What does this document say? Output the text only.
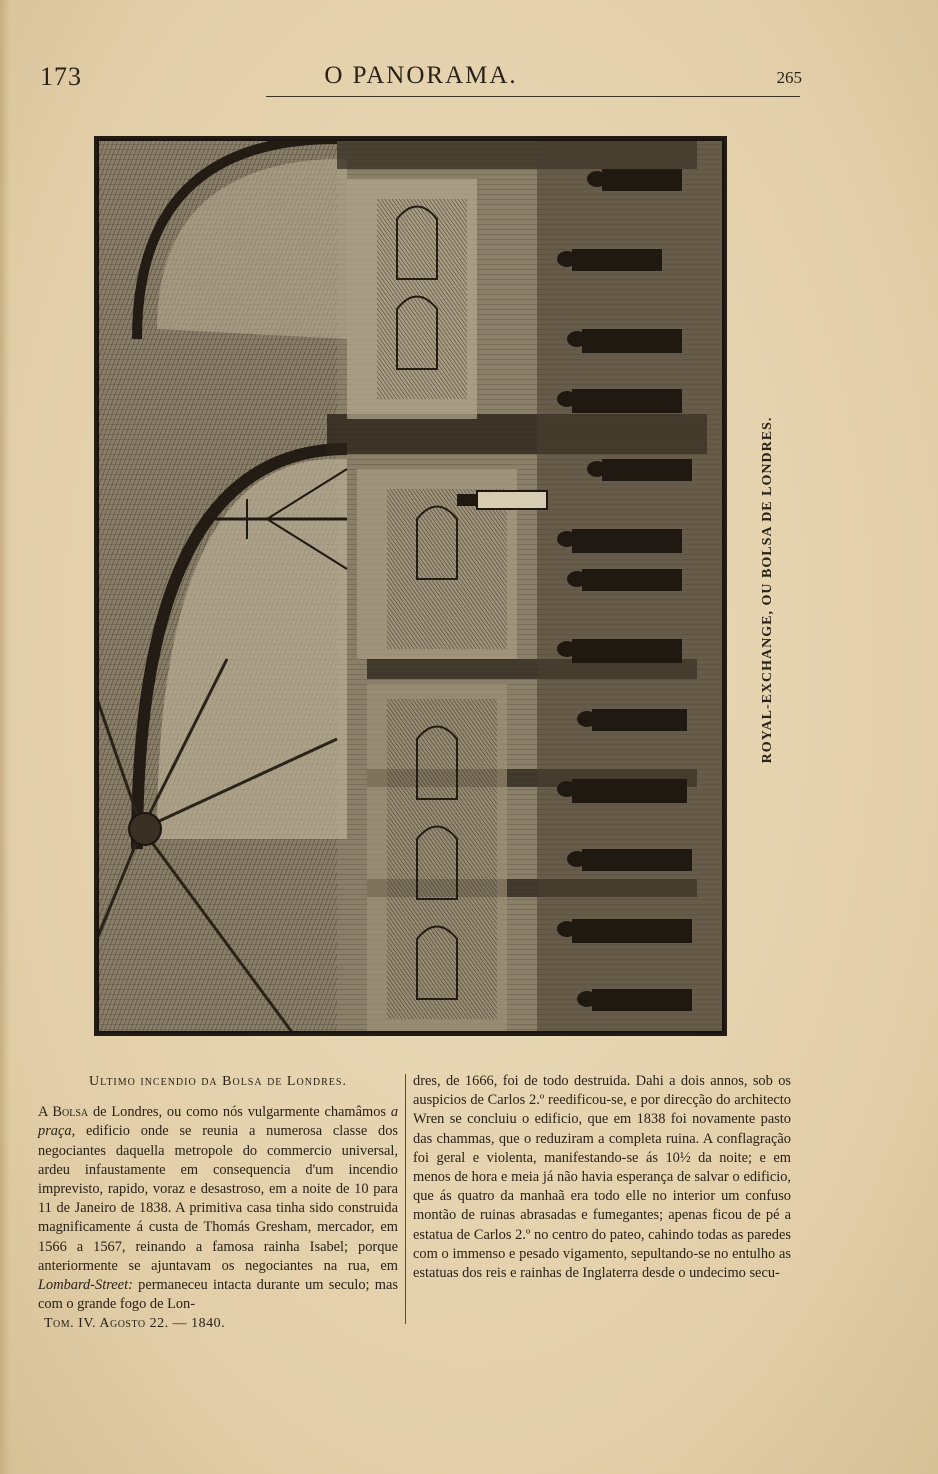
173	O PANORAMA.	265
ROYAL-EXCHANGE, OU BOLSA DE LONDRES.

Ultimo incendio da Bolsa de Londres.

A Bolsa de Londres, ou como nós vulgarmente chamâmos a praça, edificio onde se reunia a numerosa classe dos negociantes daquella metropole do commercio universal, ardeu infaustamente em consequencia d'um incendio imprevisto, rapido, voraz e desastroso, em a noite de 10 para 11 de Janeiro de 1838. A primitiva casa tinha sido construida magnificamente á custa de Thomás Gresham, mercador, em 1566 a 1567, reinando a famosa rainha Isabel; porque anteriormente se ajuntavam os negociantes na rua, em Lombard-Street: permaneceu intacta durante um seculo; mas com o grande fogo de Lon-

Tom. IV. Agosto 22. — 1840.

dres, de 1666, foi de todo destruida. Dahi a dois annos, sob os auspicios de Carlos 2.º reedificou-se, e por direcção do architecto Wren se concluiu o edificio, que em 1838 foi novamente pasto das chammas, que o reduziram a completa ruina. A conflagração foi geral e violenta, manifestando-se ás 10½ da noite; e em menos de hora e meia já não havia esperança de salvar o edificio, que ás quatro da manhaã era todo elle no interior um confuso montão de ruinas abrasadas e fumegantes; apenas ficou de pé a estatua de Carlos 2.º no centro do pateo, cahindo todas as paredes com o immenso e pesado vigamento, sepultando-se no entulho as estatuas dos reis e rainhas de Inglaterra desde o undecimo secu-
